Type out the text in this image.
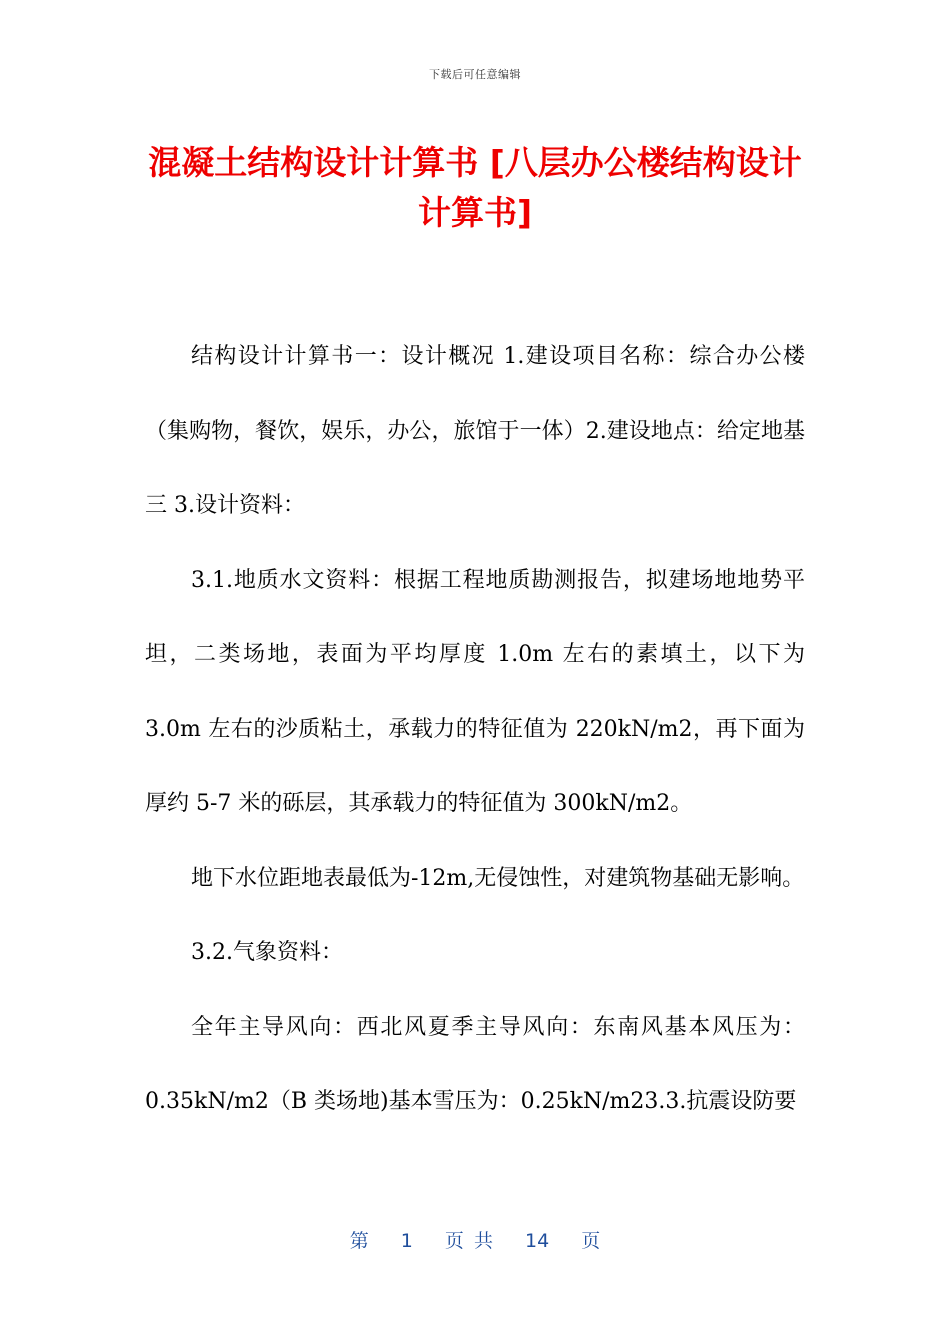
下载后可任意编辑
混凝土结构设计计算书 [八层办公楼结构设计计算书]

结构设计计算书一：设计概况 1.建设项目名称：综合办公楼（集购物，餐饮，娱乐，办公，旅馆于一体）2.建设地点：给定地基三 3.设计资料：

3.1.地质水文资料：根据工程地质勘测报告，拟建场地地势平坦，二类场地，表面为平均厚度 1.0m 左右的素填土，以下为 3.0m 左右的沙质粘土，承载力的特征值为 220kN/m2，再下面为厚约 5-7 米的砾层，其承载力的特征值为 300kN/m2。

地下水位距地表最低为-12m,无侵蚀性，对建筑物基础无影响。

3.2.气象资料：

全年主导风向：西北风夏季主导风向：东南风基本风压为：0.35kN/m2（B 类场地)基本雪压为：0.25kN/m23.3.抗震设防要

第 1 页 共 14 页
